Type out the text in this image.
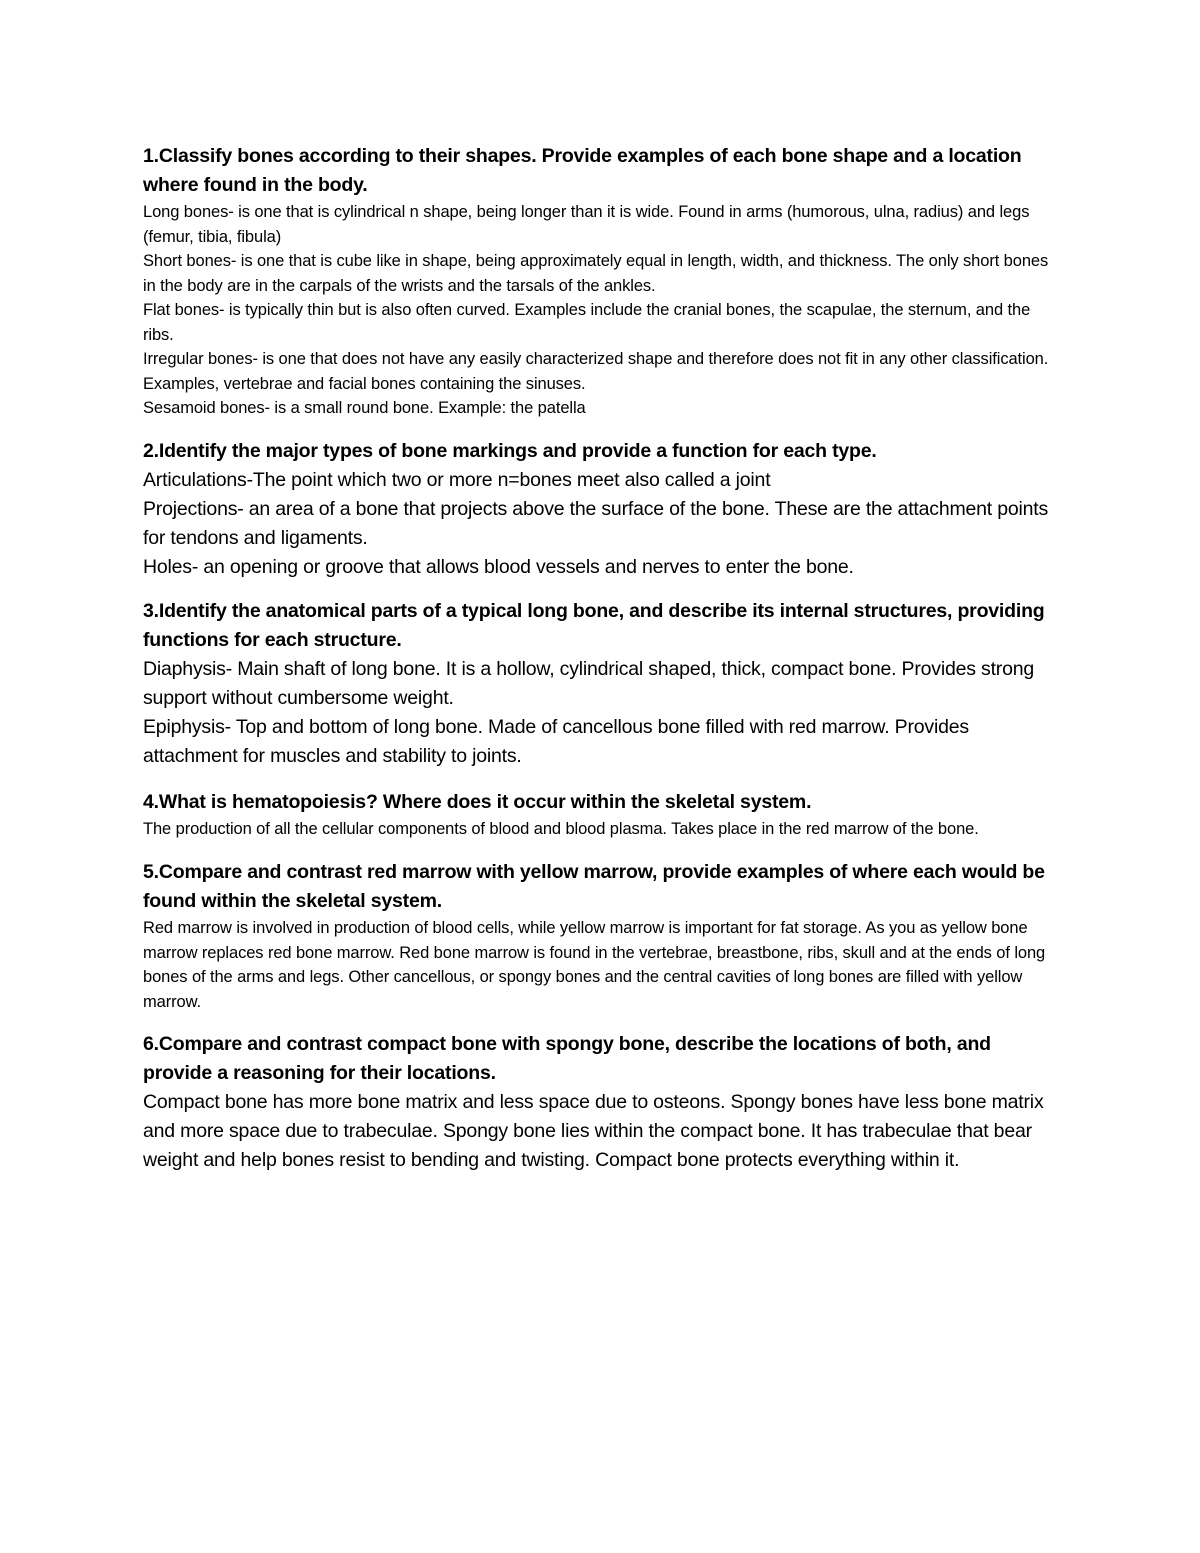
1.Classify bones according to their shapes. Provide examples of each bone shape and a location where found in the body.

Long bones- is one that is cylindrical n shape, being longer than it is wide. Found in arms (humorous, ulna, radius) and legs (femur, tibia, fibula)

Short bones- is one that is cube like in shape, being approximately equal in length, width, and thickness. The only short bones in the body are in the carpals of the wrists and the tarsals of the ankles.

Flat bones- is typically thin but is also often curved. Examples include the cranial bones, the scapulae, the sternum, and the ribs.

Irregular bones- is one that does not have any easily characterized shape and therefore does not fit in any other classification. Examples, vertebrae and facial bones containing the sinuses.

Sesamoid bones- is a small round bone. Example: the patella

2.Identify the major types of bone markings and provide a function for each type.

Articulations-The point which two or more n=bones meet also called a joint

Projections- an area of a bone that projects above the surface of the bone. These are the attachment points for tendons and ligaments.

Holes- an opening or groove that allows blood vessels and nerves to enter the bone.

3.Identify the anatomical parts of a typical long bone, and describe its internal structures, providing functions for each structure.

Diaphysis- Main shaft of long bone. It is a hollow, cylindrical shaped, thick, compact bone. Provides strong support without cumbersome weight.

Epiphysis- Top and bottom of long bone. Made of cancellous bone filled with red marrow. Provides attachment for muscles and stability to joints.

4.What is hematopoiesis? Where does it occur within the skeletal system.

The production of all the cellular components of blood and blood plasma. Takes place in the red marrow of the bone.

5.Compare and contrast red marrow with yellow marrow, provide examples of where each would be found within the skeletal system.

Red marrow is involved in production of blood cells, while yellow marrow is important for fat storage. As you as yellow bone marrow replaces red bone marrow. Red bone marrow is found in the vertebrae, breastbone, ribs, skull and at the ends of long bones of the arms and legs. Other cancellous, or spongy bones and the central cavities of long bones are filled with yellow marrow.

6.Compare and contrast compact bone with spongy bone, describe the locations of both, and provide a reasoning for their locations.

Compact bone has more bone matrix and less space due to osteons. Spongy bones have less bone matrix and more space due to trabeculae. Spongy bone lies within the compact bone. It has trabeculae that bear weight and help bones resist to bending and twisting. Compact bone protects everything within it.
